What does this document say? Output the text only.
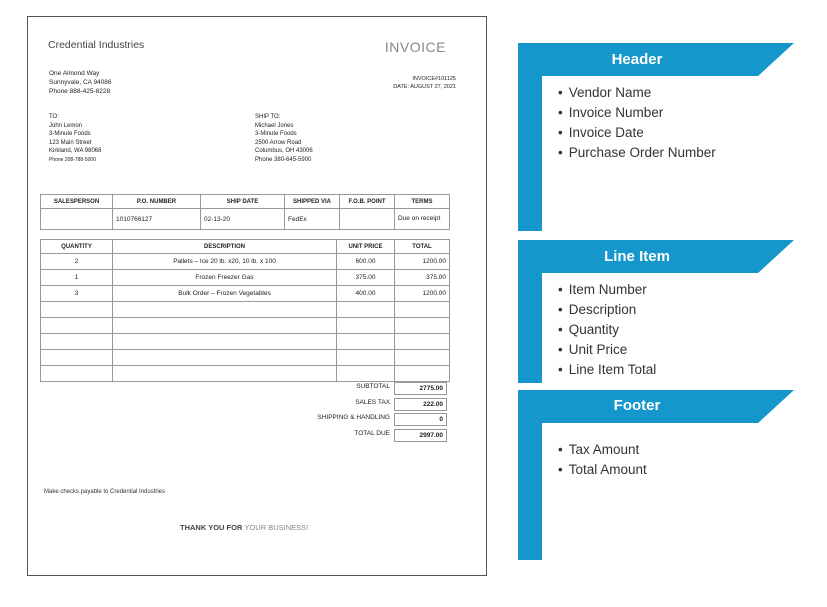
Credential Industries	INVOICE
One Almond Way
Sunnyvale, CA 94086
Phone 888-425-8228
INVOICE#101125
DATE: AUGUST 27, 2021
TO:
John Lemon
3-Minute Foods
123 Main Street
Kirkland, WA 98068
Phone 208-788-5000
SHIP TO:
Michael Jones
3-Minute Foods
2500 Arrow Road
Columbus, OH 43006
Phone 380-645-5900
SALESPERSON	P.O. NUMBER	SHIP DATE	SHIPPED VIA	F.O.B. POINT	TERMS
	1010766127	02-13-20	FedEx		Due on receipt
QUANTITY	DESCRIPTION	UNIT PRICE	TOTAL
2	Pallets – Ice 20 lb. x20, 10 lb. x 100	600.00	1200.00
1	Frozen Freezer Gas	375.00	375.00
3	Bulk Order – Frozen Vegetables	400.00	1200.00

SUBTOTAL	2775.00
SALES TAX	222.00
SHIPPING & HANDLING	0
TOTAL DUE	2997.00
Make checks payable to Credential Industries
THANK YOU FOR YOUR BUSINESS!
Header
• Vendor Name
• Invoice Number
• Invoice Date
• Purchase Order Number
Line Item
• Item Number
• Description
• Quantity
• Unit Price
• Line Item Total
Footer
• Tax Amount
• Total Amount
